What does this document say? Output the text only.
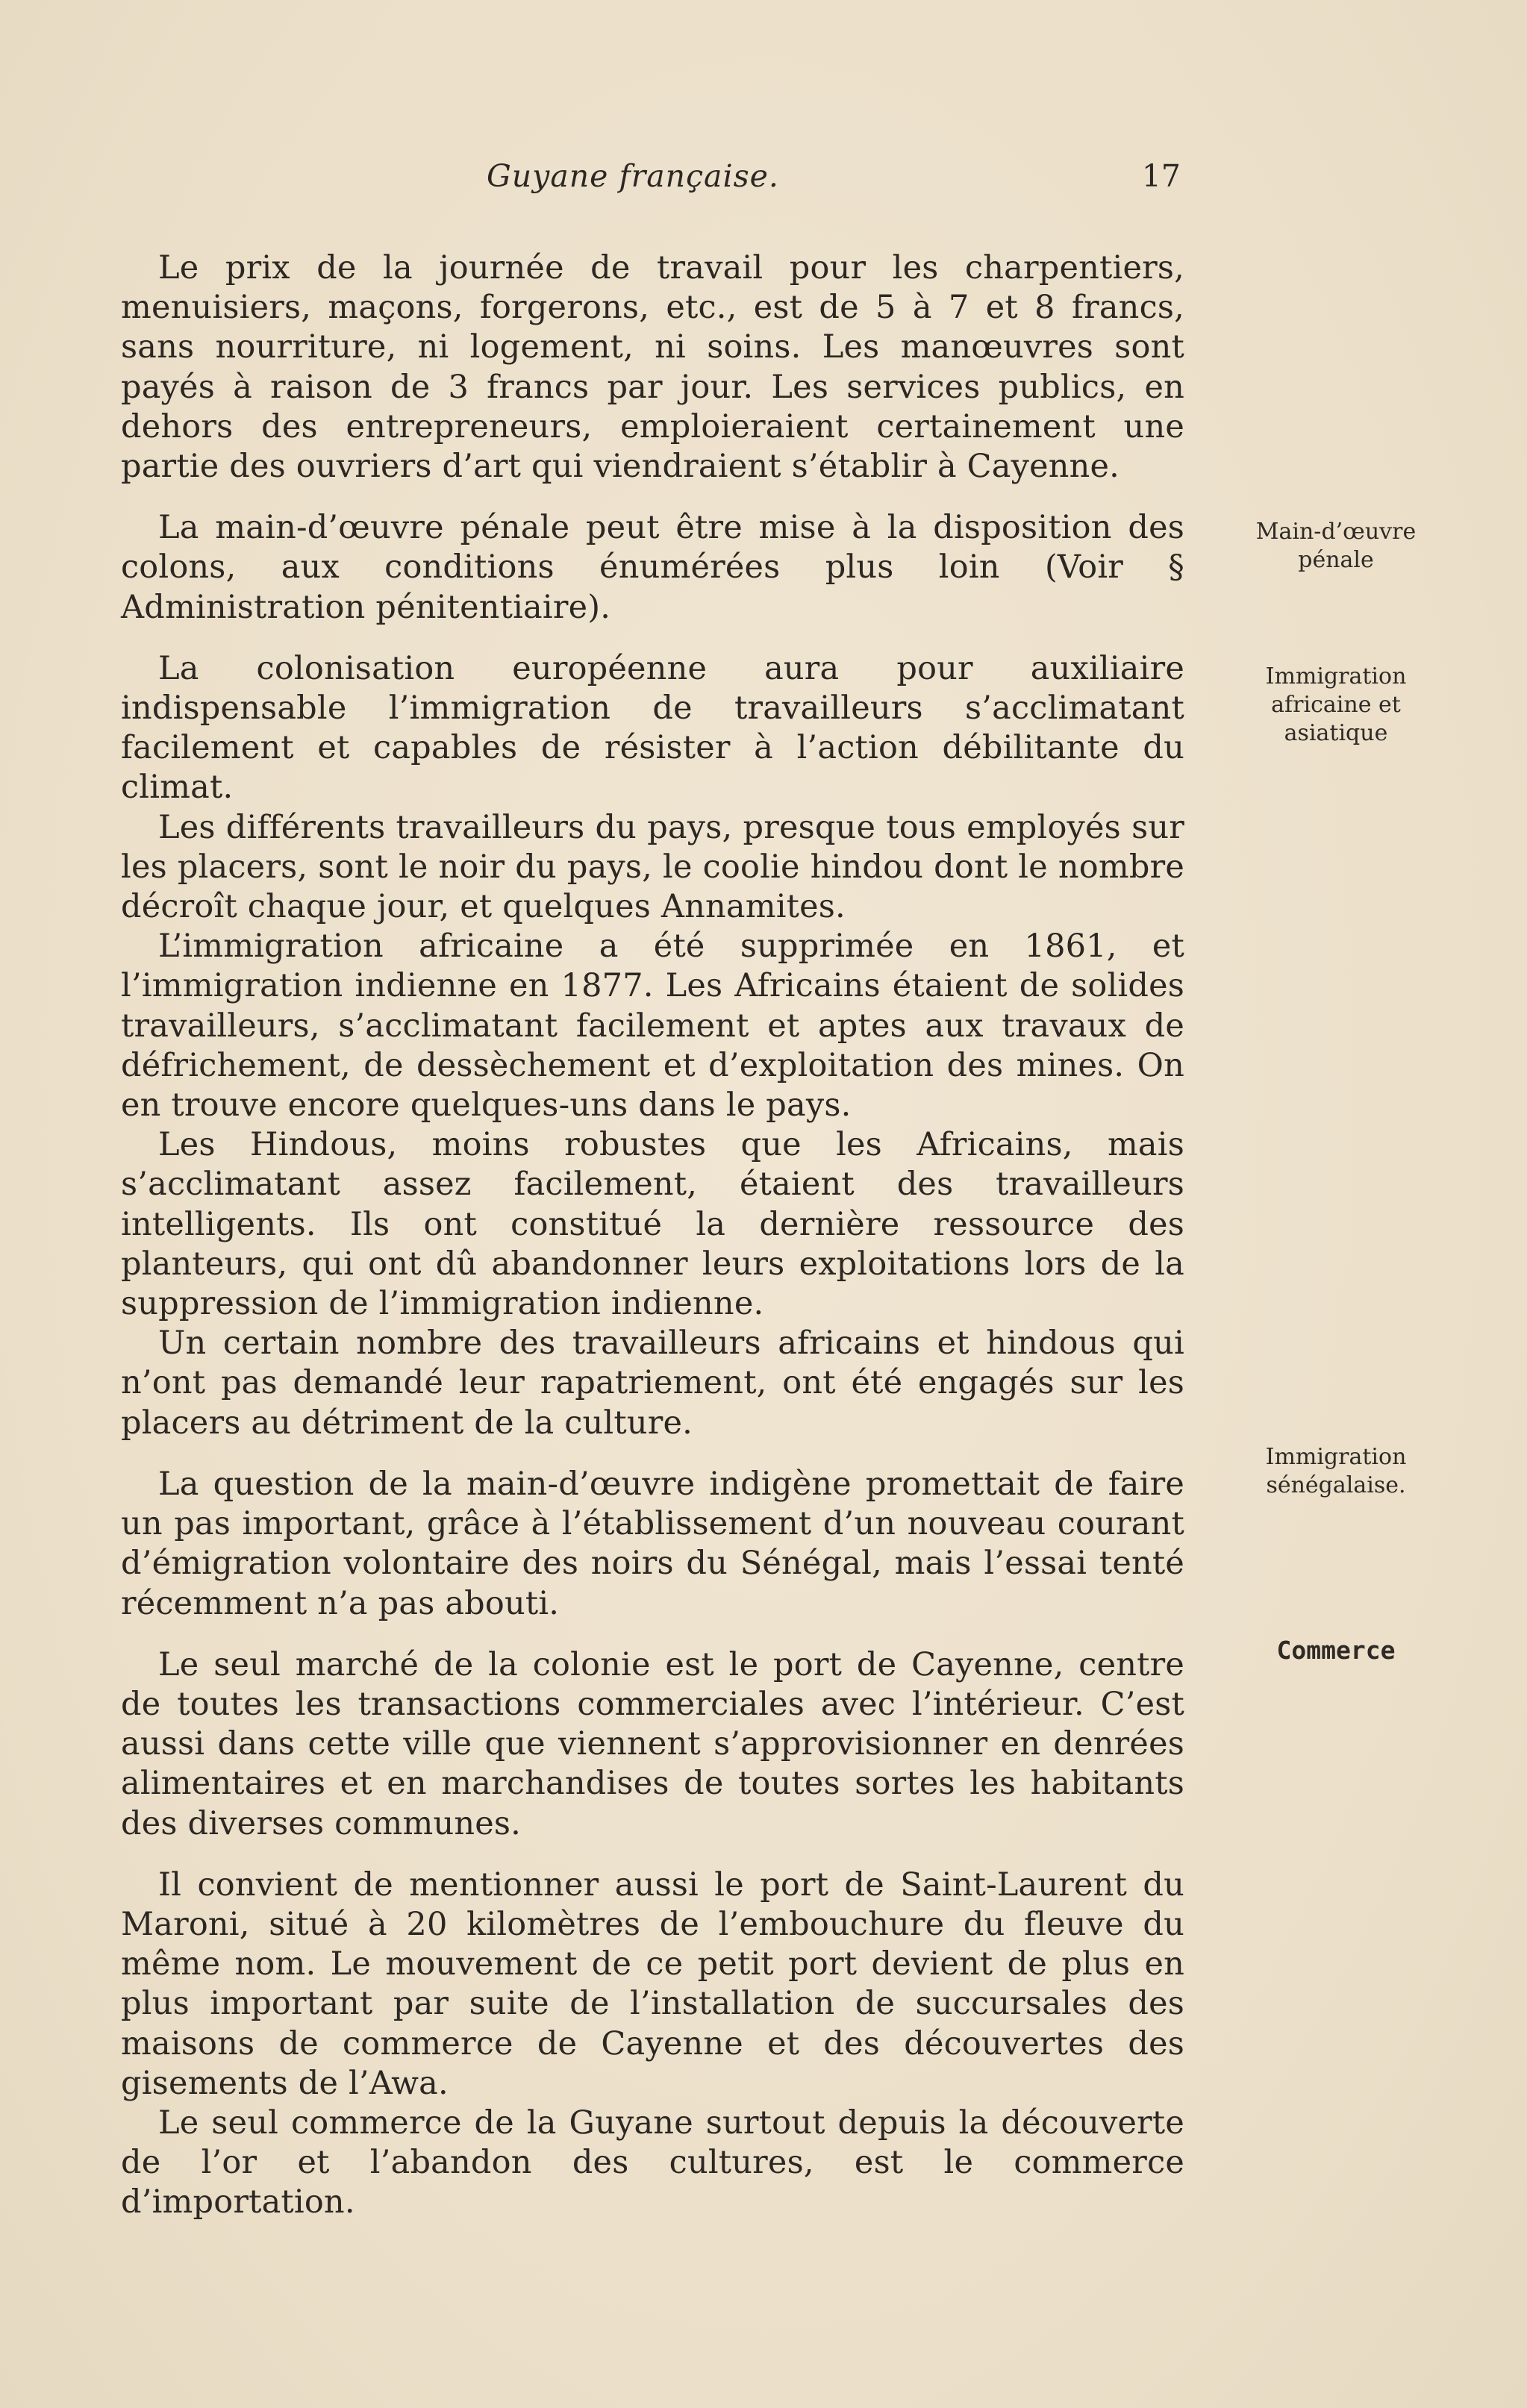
Guyane française.	17

Le prix de la journée de travail pour les charpentiers, menuisiers, maçons, forgerons, etc., est de 5 à 7 et 8 francs, sans nourriture, ni logement, ni soins. Les manœuvres sont payés à raison de 3 francs par jour. Les services publics, en dehors des entrepreneurs, emploieraient certainement une partie des ouvriers d’art qui viendraient s’établir à Cayenne.

La main-d’œuvre pénale peut être mise à la disposition des colons, aux conditions énumérées plus loin (Voir § Administration pénitentiaire).

La colonisation européenne aura pour auxiliaire indispensable l’immigration de travailleurs s’acclimatant facilement et capables de résister à l’action débilitante du climat.

Les différents travailleurs du pays, presque tous employés sur les placers, sont le noir du pays, le coolie hindou dont le nombre décroît chaque jour, et quelques Annamites.

L’immigration africaine a été supprimée en 1861, et l’immigration indienne en 1877. Les Africains étaient de solides travailleurs, s’acclimatant facilement et aptes aux travaux de défrichement, de dessèchement et d’exploitation des mines. On en trouve encore quelques-uns dans le pays.

Les Hindous, moins robustes que les Africains, mais s’acclimatant assez facilement, étaient des travailleurs intelligents. Ils ont constitué la dernière ressource des planteurs, qui ont dû abandonner leurs exploitations lors de la suppression de l’immigration indienne.

Un certain nombre des travailleurs africains et hindous qui n’ont pas demandé leur rapatriement, ont été engagés sur les placers au détriment de la culture.

La question de la main-d’œuvre indigène promettait de faire un pas important, grâce à l’établissement d’un nouveau courant d’émigration volontaire des noirs du Sénégal, mais l’essai tenté récemment n’a pas abouti.

Le seul marché de la colonie est le port de Cayenne, centre de toutes les transactions commerciales avec l’intérieur. C’est aussi dans cette ville que viennent s’approvisionner en denrées alimentaires et en marchandises de toutes sortes les habitants des diverses communes.

Il convient de mentionner aussi le port de Saint-Laurent du Maroni, situé à 20 kilomètres de l’embouchure du fleuve du même nom. Le mouvement de ce petit port devient de plus en plus important par suite de l’installation de succursales des maisons de commerce de Cayenne et des découvertes des gisements de l’Awa.

Le seul commerce de la Guyane surtout depuis la découverte de l’or et l’abandon des cultures, est le commerce d’importation.

Main-d’œuvre pénale
Immigration africaine et asiatique
Immigration sénégalaise.
Commerce
